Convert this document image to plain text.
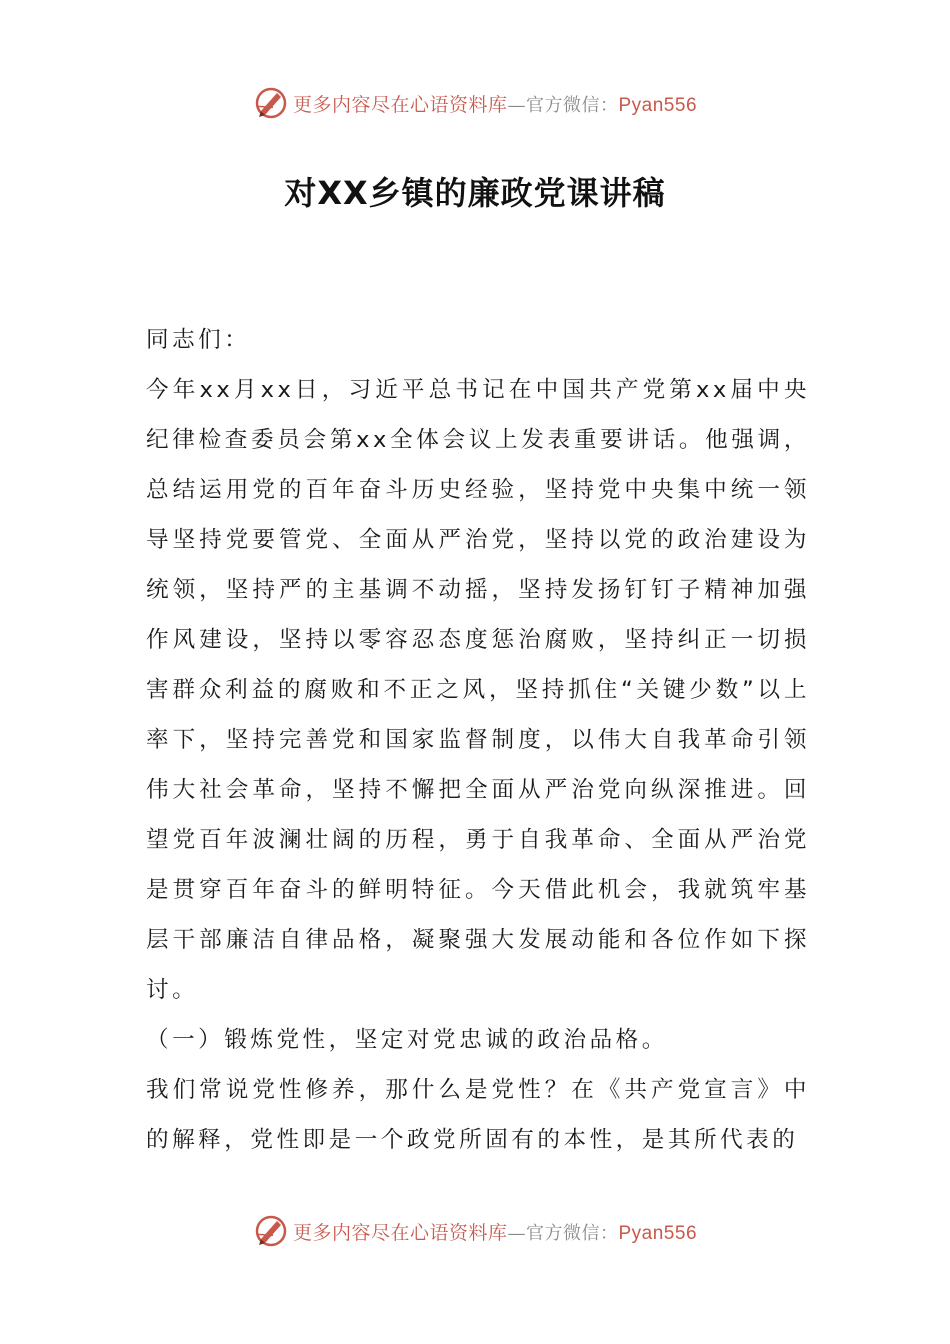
更多内容尽在心语资料库—官方微信：Pyan556
对XX乡镇的廉政党课讲稿

同志们：

今年xx月xx日，习近平总书记在中国共产党第xx届中央纪律检查委员会第xx全体会议上发表重要讲话。他强调，总结运用党的百年奋斗历史经验，坚持党中央集中统一领导坚持党要管党、全面从严治党，坚持以党的政治建设为统领，坚持严的主基调不动摇，坚持发扬钉钉子精神加强作风建设，坚持以零容忍态度惩治腐败，坚持纠正一切损害群众利益的腐败和不正之风，坚持抓住“关键少数”以上率下，坚持完善党和国家监督制度，以伟大自我革命引领伟大社会革命，坚持不懈把全面从严治党向纵深推进。回望党百年波澜壮阔的历程，勇于自我革命、全面从严治党是贯穿百年奋斗的鲜明特征。今天借此机会，我就筑牢基层干部廉洁自律品格，凝聚强大发展动能和各位作如下探讨。

（一）锻炼党性，坚定对党忠诚的政治品格。

我们常说党性修养，那什么是党性？在《共产党宣言》中的解释，党性即是一个政党所固有的本性，是其所代表的

更多内容尽在心语资料库—官方微信：Pyan556
